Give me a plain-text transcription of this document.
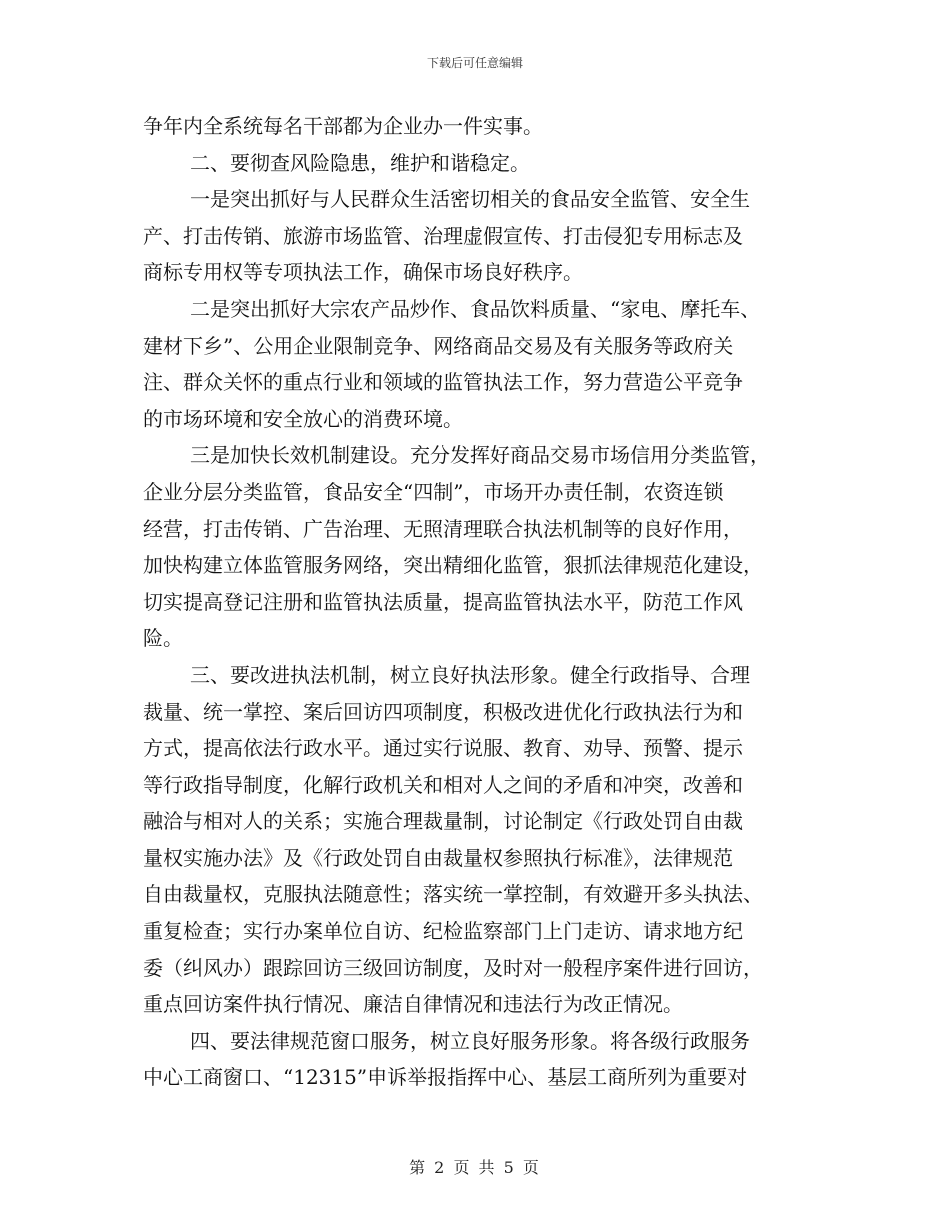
下载后可任意编辑
争年内全系统每名干部都为企业办一件实事。
二、要彻查风险隐患，维护和谐稳定。
一是突出抓好与人民群众生活密切相关的食品安全监管、安全生
产、打击传销、旅游市场监管、治理虚假宣传、打击侵犯专用标志及
商标专用权等专项执法工作，确保市场良好秩序。
二是突出抓好大宗农产品炒作、食品饮料质量、“家电、摩托车、
建材下乡”、公用企业限制竞争、网络商品交易及有关服务等政府关
注、群众关怀的重点行业和领域的监管执法工作，努力营造公平竞争
的市场环境和安全放心的消费环境。
三是加快长效机制建设。充分发挥好商品交易市场信用分类监管，
企业分层分类监管，食品安全“四制”，市场开办责任制，农资连锁
经营，打击传销、广告治理、无照清理联合执法机制等的良好作用，
加快构建立体监管服务网络，突出精细化监管，狠抓法律规范化建设，
切实提高登记注册和监管执法质量，提高监管执法水平，防范工作风
险。
三、要改进执法机制，树立良好执法形象。健全行政指导、合理
裁量、统一掌控、案后回访四项制度，积极改进优化行政执法行为和
方式，提高依法行政水平。通过实行说服、教育、劝导、预警、提示
等行政指导制度，化解行政机关和相对人之间的矛盾和冲突，改善和
融洽与相对人的关系；实施合理裁量制，讨论制定《行政处罚自由裁
量权实施办法》及《行政处罚自由裁量权参照执行标准》，法律规范
自由裁量权，克服执法随意性；落实统一掌控制，有效避开多头执法、
重复检查；实行办案单位自访、纪检监察部门上门走访、请求地方纪
委（纠风办）跟踪回访三级回访制度，及时对一般程序案件进行回访，
重点回访案件执行情况、廉洁自律情况和违法行为改正情况。
四、要法律规范窗口服务，树立良好服务形象。将各级行政服务
中心工商窗口、“12315”申诉举报指挥中心、基层工商所列为重要对
第 2 页 共 5 页
